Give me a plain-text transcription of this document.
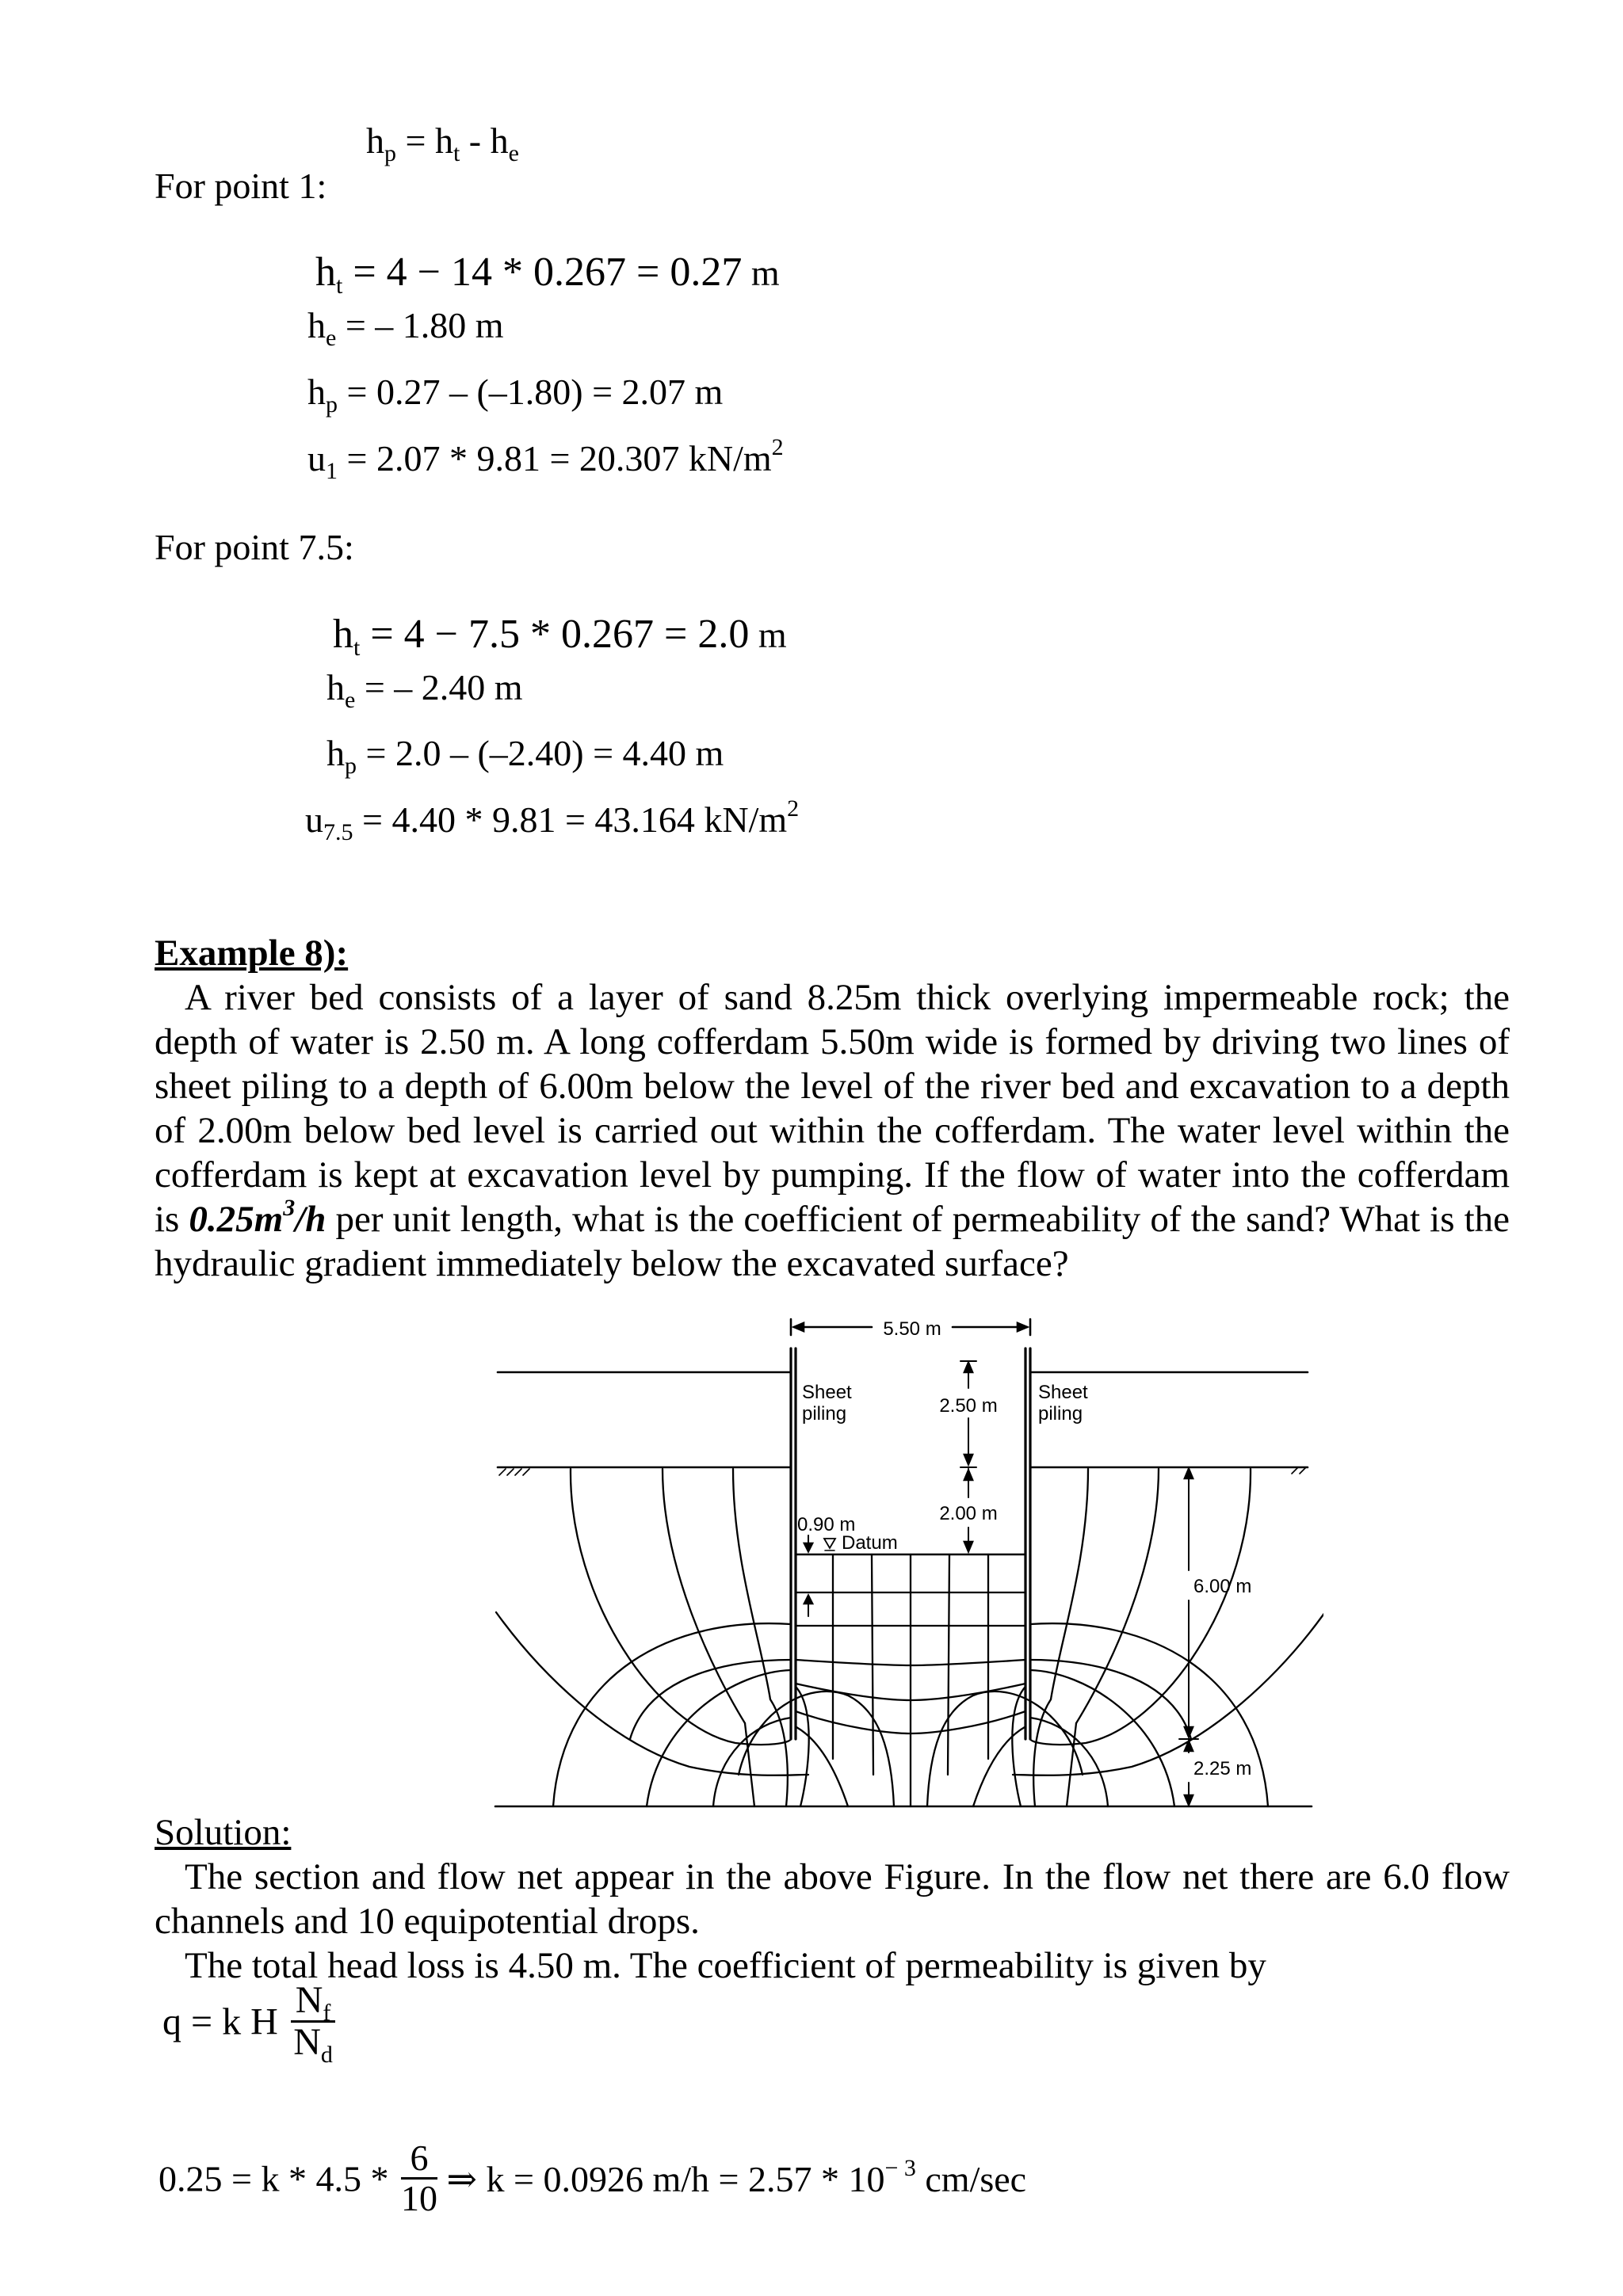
$h_p = h_t - h_e$
For point 1:
$h_t = 4 - 14 * 0.267 = 0.27$ m
$h_e$ = – 1.80 m
$h_p = 0.27 - (-1.80) = 2.07$ m
$u_1 = 2.07 * 9.81 = 20.307$ $kN/m^2$
For point 7.5:
$h_t = 4 - 7.5 * 0.267 = 2.0$ m
$h_e$ = – 2.40 m
$h_p = 2.0 - (-2.40) = 4.40$ m
$u_{7.5} = 4.40 * 9.81 = 43.164$ $kN/m^2$

Example 8):

A river bed consists of a layer of sand 8.25m thick overlying impermeable rock; the depth of water is 2.50 m. A long cofferdam 5.50m wide is formed by driving two lines of sheet piling to a depth of 6.00m below the level of the river bed and excavation to a depth of 2.00m below bed level is carried out within the cofferdam. The water level within the cofferdam is kept at excavation level by pumping. If the flow of water into the cofferdam is $0.25m^3/h$ per unit length, what is the coefficient of permeability of the sand? What is the hydraulic gradient immediately below the excavated surface?

5.50 m
Sheet
piling
Sheet
piling
2.50 m
2.00 m
0.90 m
Datum
6.00 m
2.25 m

Solution:

The section and flow net appear in the above Figure. In the flow net there are 6.0 flow channels and 10 equipotential drops.

The total head loss is 4.50 m. The coefficient of permeability is given by

q = k H $\frac{N_f}{N_d}$
$0.25 = k * 4.5 * \frac{6}{10}$ ⇒ k = 0.0926 $m/h = 2.57 * 10^{- 3}$ cm/sec
